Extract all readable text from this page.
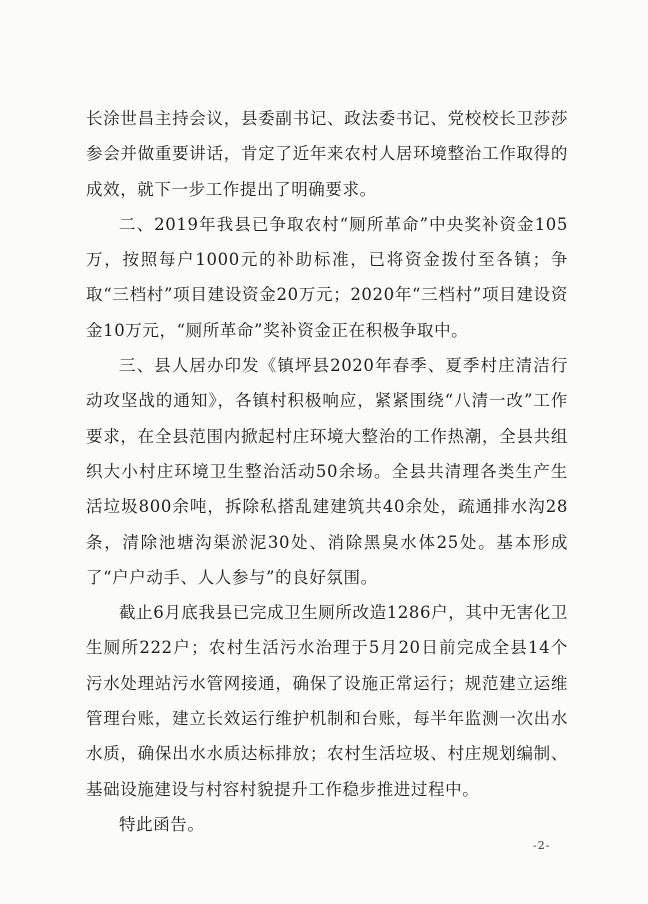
长涂世昌主持会议，县委副书记、政法委书记、党校校长卫莎莎参会并做重要讲话，肯定了近年来农村人居环境整治工作取得的成效，就下一步工作提出了明确要求。

二、2019年我县已争取农村“厕所革命”中央奖补资金105万，按照每户1000元的补助标准，已将资金拨付至各镇；争取“三档村”项目建设资金20万元；2020年“三档村”项目建设资金10万元，“厕所革命”奖补资金正在积极争取中。

三、县人居办印发《镇坪县2020年春季、夏季村庄清洁行动攻坚战的通知》，各镇村积极响应，紧紧围绕“八清一改”工作要求，在全县范围内掀起村庄环境大整治的工作热潮，全县共组织大小村庄环境卫生整治活动50余场。全县共清理各类生产生活垃圾800余吨，拆除私搭乱建建筑共40余处，疏通排水沟28条，清除池塘沟渠淤泥30处、消除黑臭水体25处。基本形成了“户户动手、人人参与”的良好氛围。

截止6月底我县已完成卫生厕所改造1286户，其中无害化卫生厕所222户；农村生活污水治理于5月20日前完成全县14个污水处理站污水管网接通，确保了设施正常运行；规范建立运维管理台账，建立长效运行维护机制和台账，每半年监测一次出水水质，确保出水水质达标排放；农村生活垃圾、村庄规划编制、基础设施建设与村容村貌提升工作稳步推进过程中。

特此函告。

-2-
